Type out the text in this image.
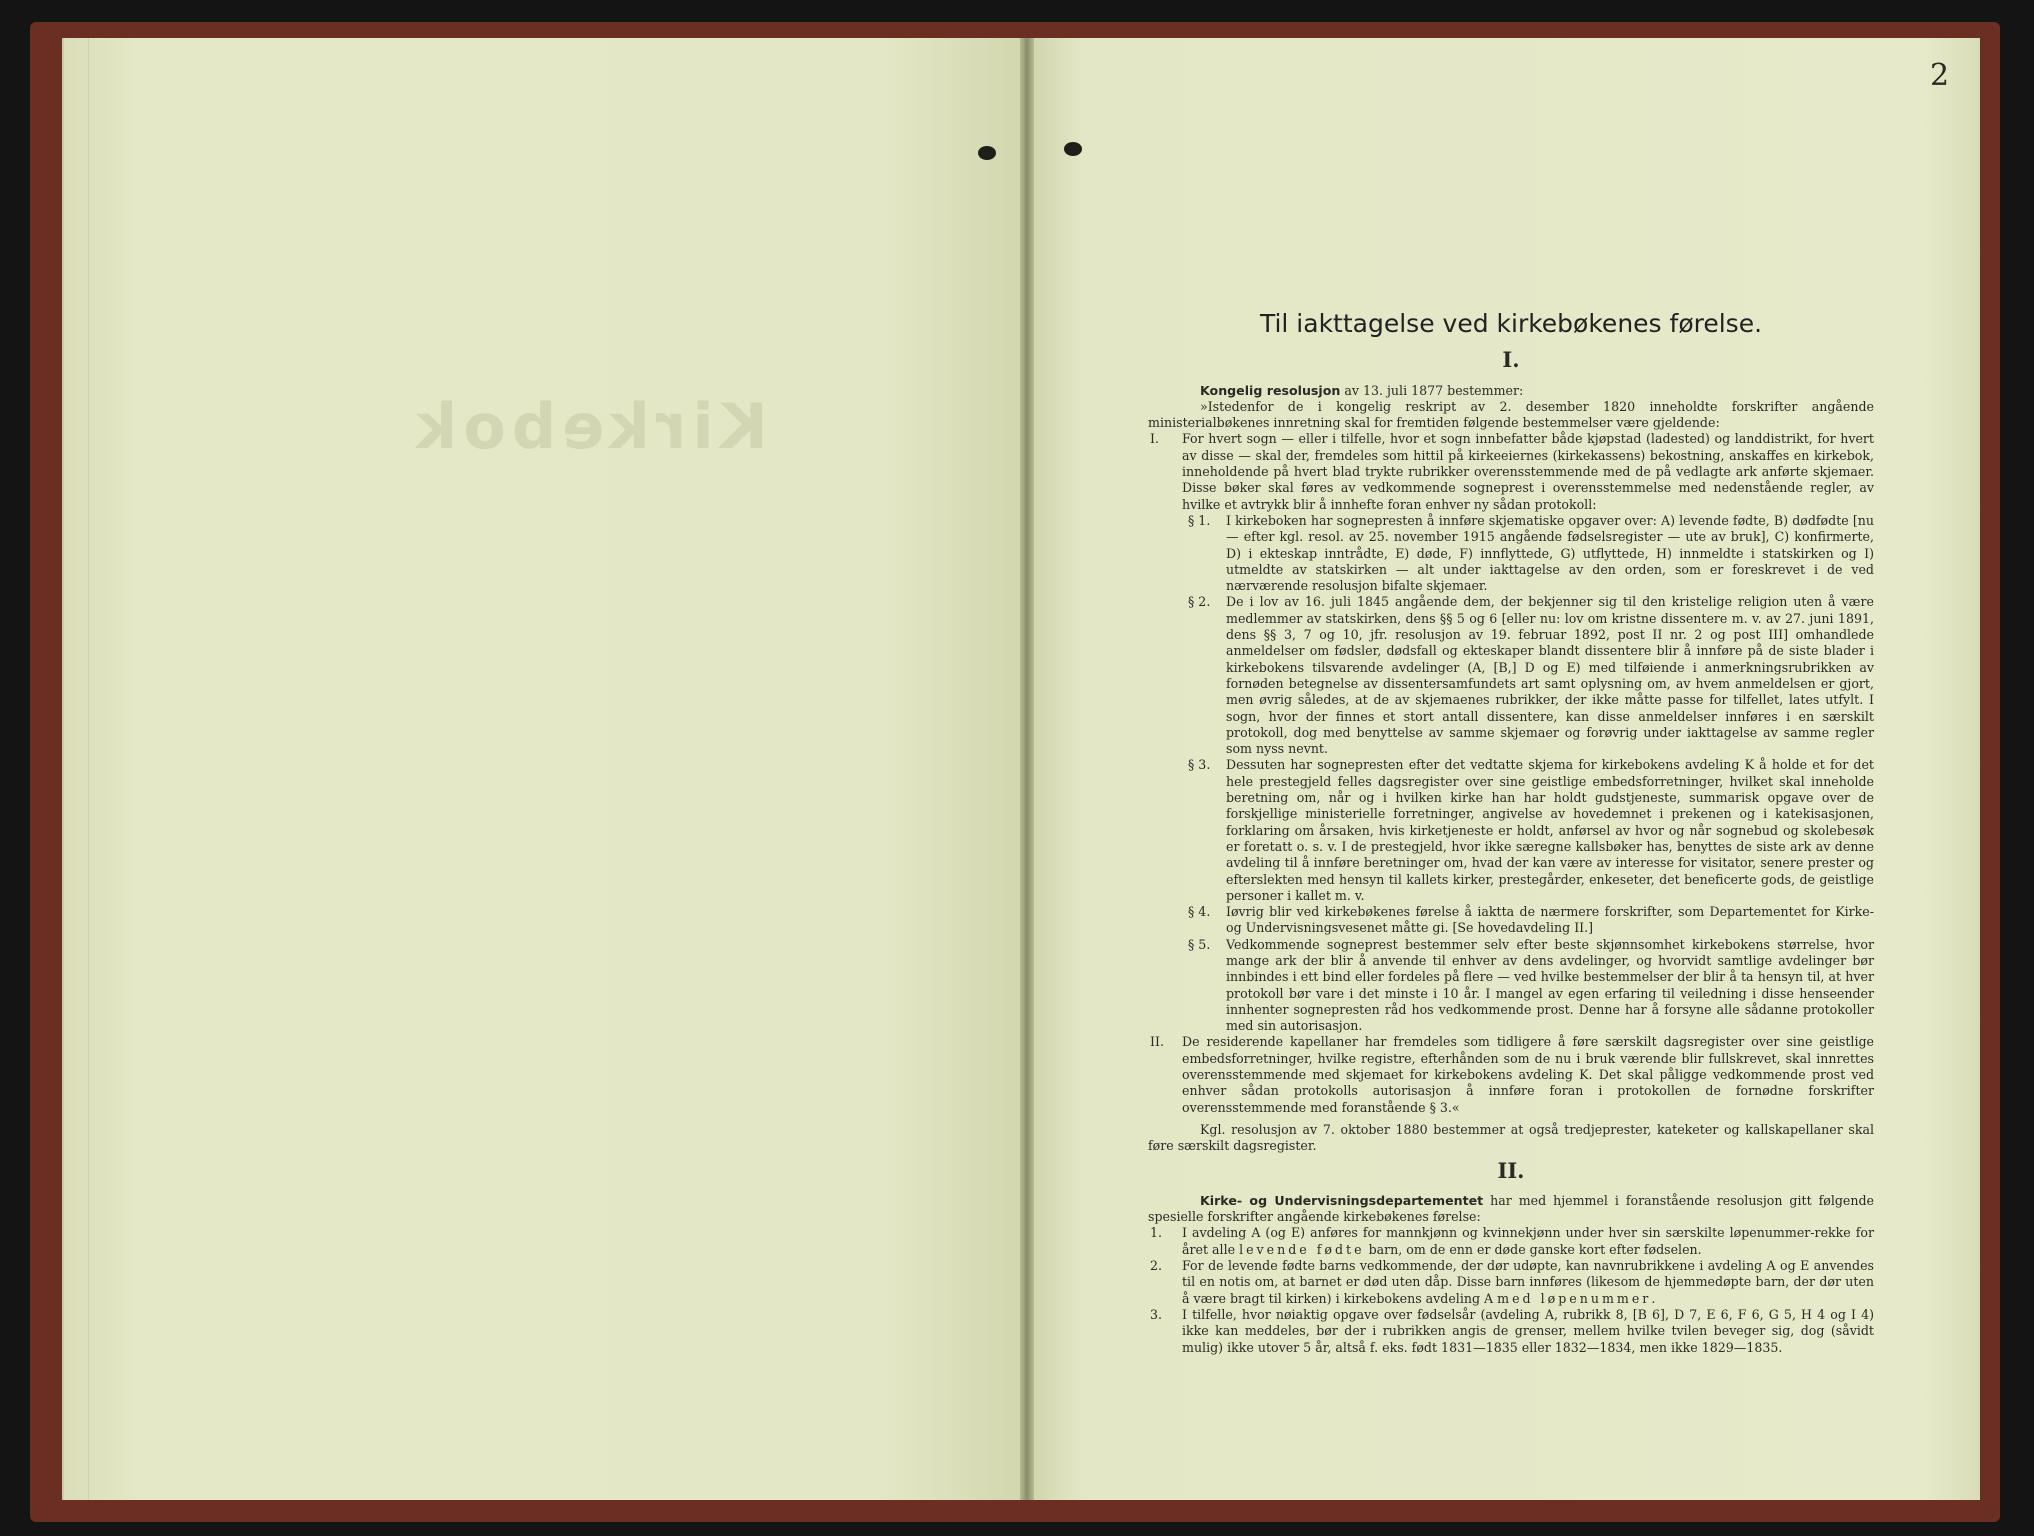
Kirkebok
2
Til iakttagelse ved kirkebøkenes førelse.
I.

Kongelig resolusjon av 13. juli 1877 bestemmer:

»Istedenfor de i kongelig reskript av 2. desember 1820 inneholdte forskrifter angående ministerialbøkenes innretning skal for fremtiden følgende bestemmelser være gjeldende:

I.	For hvert sogn — eller i tilfelle, hvor et sogn innbefatter både kjøpstad (ladested) og landdistrikt, for hvert av disse — skal der, fremdeles som hittil på kirkeeiernes (kirkekassens) bekostning, anskaffes en kirkebok, inneholdende på hvert blad trykte rubrikker overensstemmende med de på vedlagte ark anførte skjemaer. Disse bøker skal føres av vedkommende sogneprest i overensstemmelse med nedenstående regler, av hvilke et avtrykk blir å innhefte foran enhver ny sådan protokoll:
§ 1.	I kirkeboken har sognepresten å innføre skjematiske opgaver over: A) levende fødte, B) dødfødte [nu — efter kgl. resol. av 25. november 1915 angående fødselsregister — ute av bruk], C) konfirmerte, D) i ekteskap inntrådte, E) døde, F) innflyttede, G) utflyttede, H) innmeldte i statskirken og I) utmeldte av statskirken — alt under iakttagelse av den orden, som er foreskrevet i de ved nærværende resolusjon bifalte skjemaer.
§ 2.	De i lov av 16. juli 1845 angående dem, der bekjenner sig til den kristelige religion uten å være medlemmer av statskirken, dens §§ 5 og 6 [eller nu: lov om kristne dissentere m. v. av 27. juni 1891, dens §§ 3, 7 og 10, jfr. resolusjon av 19. februar 1892, post II nr. 2 og post III] omhandlede anmeldelser om fødsler, dødsfall og ekteskaper blandt dissentere blir å innføre på de siste blader i kirkebokens tilsvarende avdelinger (A, [B,] D og E) med tilføiende i anmerkningsrubrikken av fornøden betegnelse av dissentersamfundets art samt oplysning om, av hvem anmeldelsen er gjort, men øvrig således, at de av skjemaenes rubrikker, der ikke måtte passe for tilfellet, lates utfylt. I sogn, hvor der finnes et stort antall dissentere, kan disse anmeldelser innføres i en særskilt protokoll, dog med benyttelse av samme skjemaer og forøvrig under iakttagelse av samme regler som nyss nevnt.
§ 3.	Dessuten har sognepresten efter det vedtatte skjema for kirkebokens avdeling K å holde et for det hele prestegjeld felles dagsregister over sine geistlige embedsforretninger, hvilket skal inneholde beretning om, når og i hvilken kirke han har holdt gudstjeneste, summarisk opgave over de forskjellige ministerielle forretninger, angivelse av hovedemnet i prekenen og i katekisasjonen, forklaring om årsaken, hvis kirketjeneste er holdt, anførsel av hvor og når sognebud og skolebesøk er foretatt o. s. v. I de prestegjeld, hvor ikke særegne kallsbøker has, benyttes de siste ark av denne avdeling til å innføre beretninger om, hvad der kan være av interesse for visitator, senere prester og efterslekten med hensyn til kallets kirker, prestegårder, enkeseter, det beneficerte gods, de geistlige personer i kallet m. v.
§ 4.	Iøvrig blir ved kirkebøkenes førelse å iaktta de nærmere forskrifter, som Departementet for Kirke- og Undervisningsvesenet måtte gi. [Se hovedavdeling II.]
§ 5.	Vedkommende sogneprest bestemmer selv efter beste skjønnsomhet kirkebokens størrelse, hvor mange ark der blir å anvende til enhver av dens avdelinger, og hvorvidt samtlige avdelinger bør innbindes i ett bind eller fordeles på flere — ved hvilke bestemmelser der blir å ta hensyn til, at hver protokoll bør vare i det minste i 10 år. I mangel av egen erfaring til veiledning i disse henseender innhenter sognepresten råd hos vedkommende prost. Denne har å forsyne alle sådanne protokoller med sin autorisasjon.
II.	De residerende kapellaner har fremdeles som tidligere å føre særskilt dagsregister over sine geistlige embedsforretninger, hvilke registre, efterhånden som de nu i bruk værende blir fullskrevet, skal innrettes overensstemmende med skjemaet for kirkebokens avdeling K. Det skal påligge vedkommende prost ved enhver sådan protokolls autorisasjon å innføre foran i protokollen de fornødne forskrifter overensstemmende med foranstående § 3.«

Kgl. resolusjon av 7. oktober 1880 bestemmer at også tredjeprester, kateketer og kallskapellaner skal føre særskilt dagsregister.

II.

Kirke- og Undervisningsdepartementet har med hjemmel i foranstående resolusjon gitt følgende spesielle forskrifter angående kirkebøkenes førelse:

1.	I avdeling A (og E) anføres for mannkjønn og kvinnekjønn under hver sin særskilte løpenummer-rekke for året alle levende fødte barn, om de enn er døde ganske kort efter fødselen.
2.	For de levende fødte barns vedkommende, der dør udøpte, kan navnrubrikkene i avdeling A og E anvendes til en notis om, at barnet er død uten dåp. Disse barn innføres (likesom de hjemmedøpte barn, der dør uten å være bragt til kirken) i kirkebokens avdeling A med løpenummer.
3.	I tilfelle, hvor nøiaktig opgave over fødselsår (avdeling A, rubrikk 8, [B 6], D 7, E 6, F 6, G 5, H 4 og I 4) ikke kan meddeles, bør der i rubrikken angis de grenser, mellem hvilke tvilen beveger sig, dog (såvidt mulig) ikke utover 5 år, altså f. eks. født 1831—1835 eller 1832—1834, men ikke 1829—1835.
